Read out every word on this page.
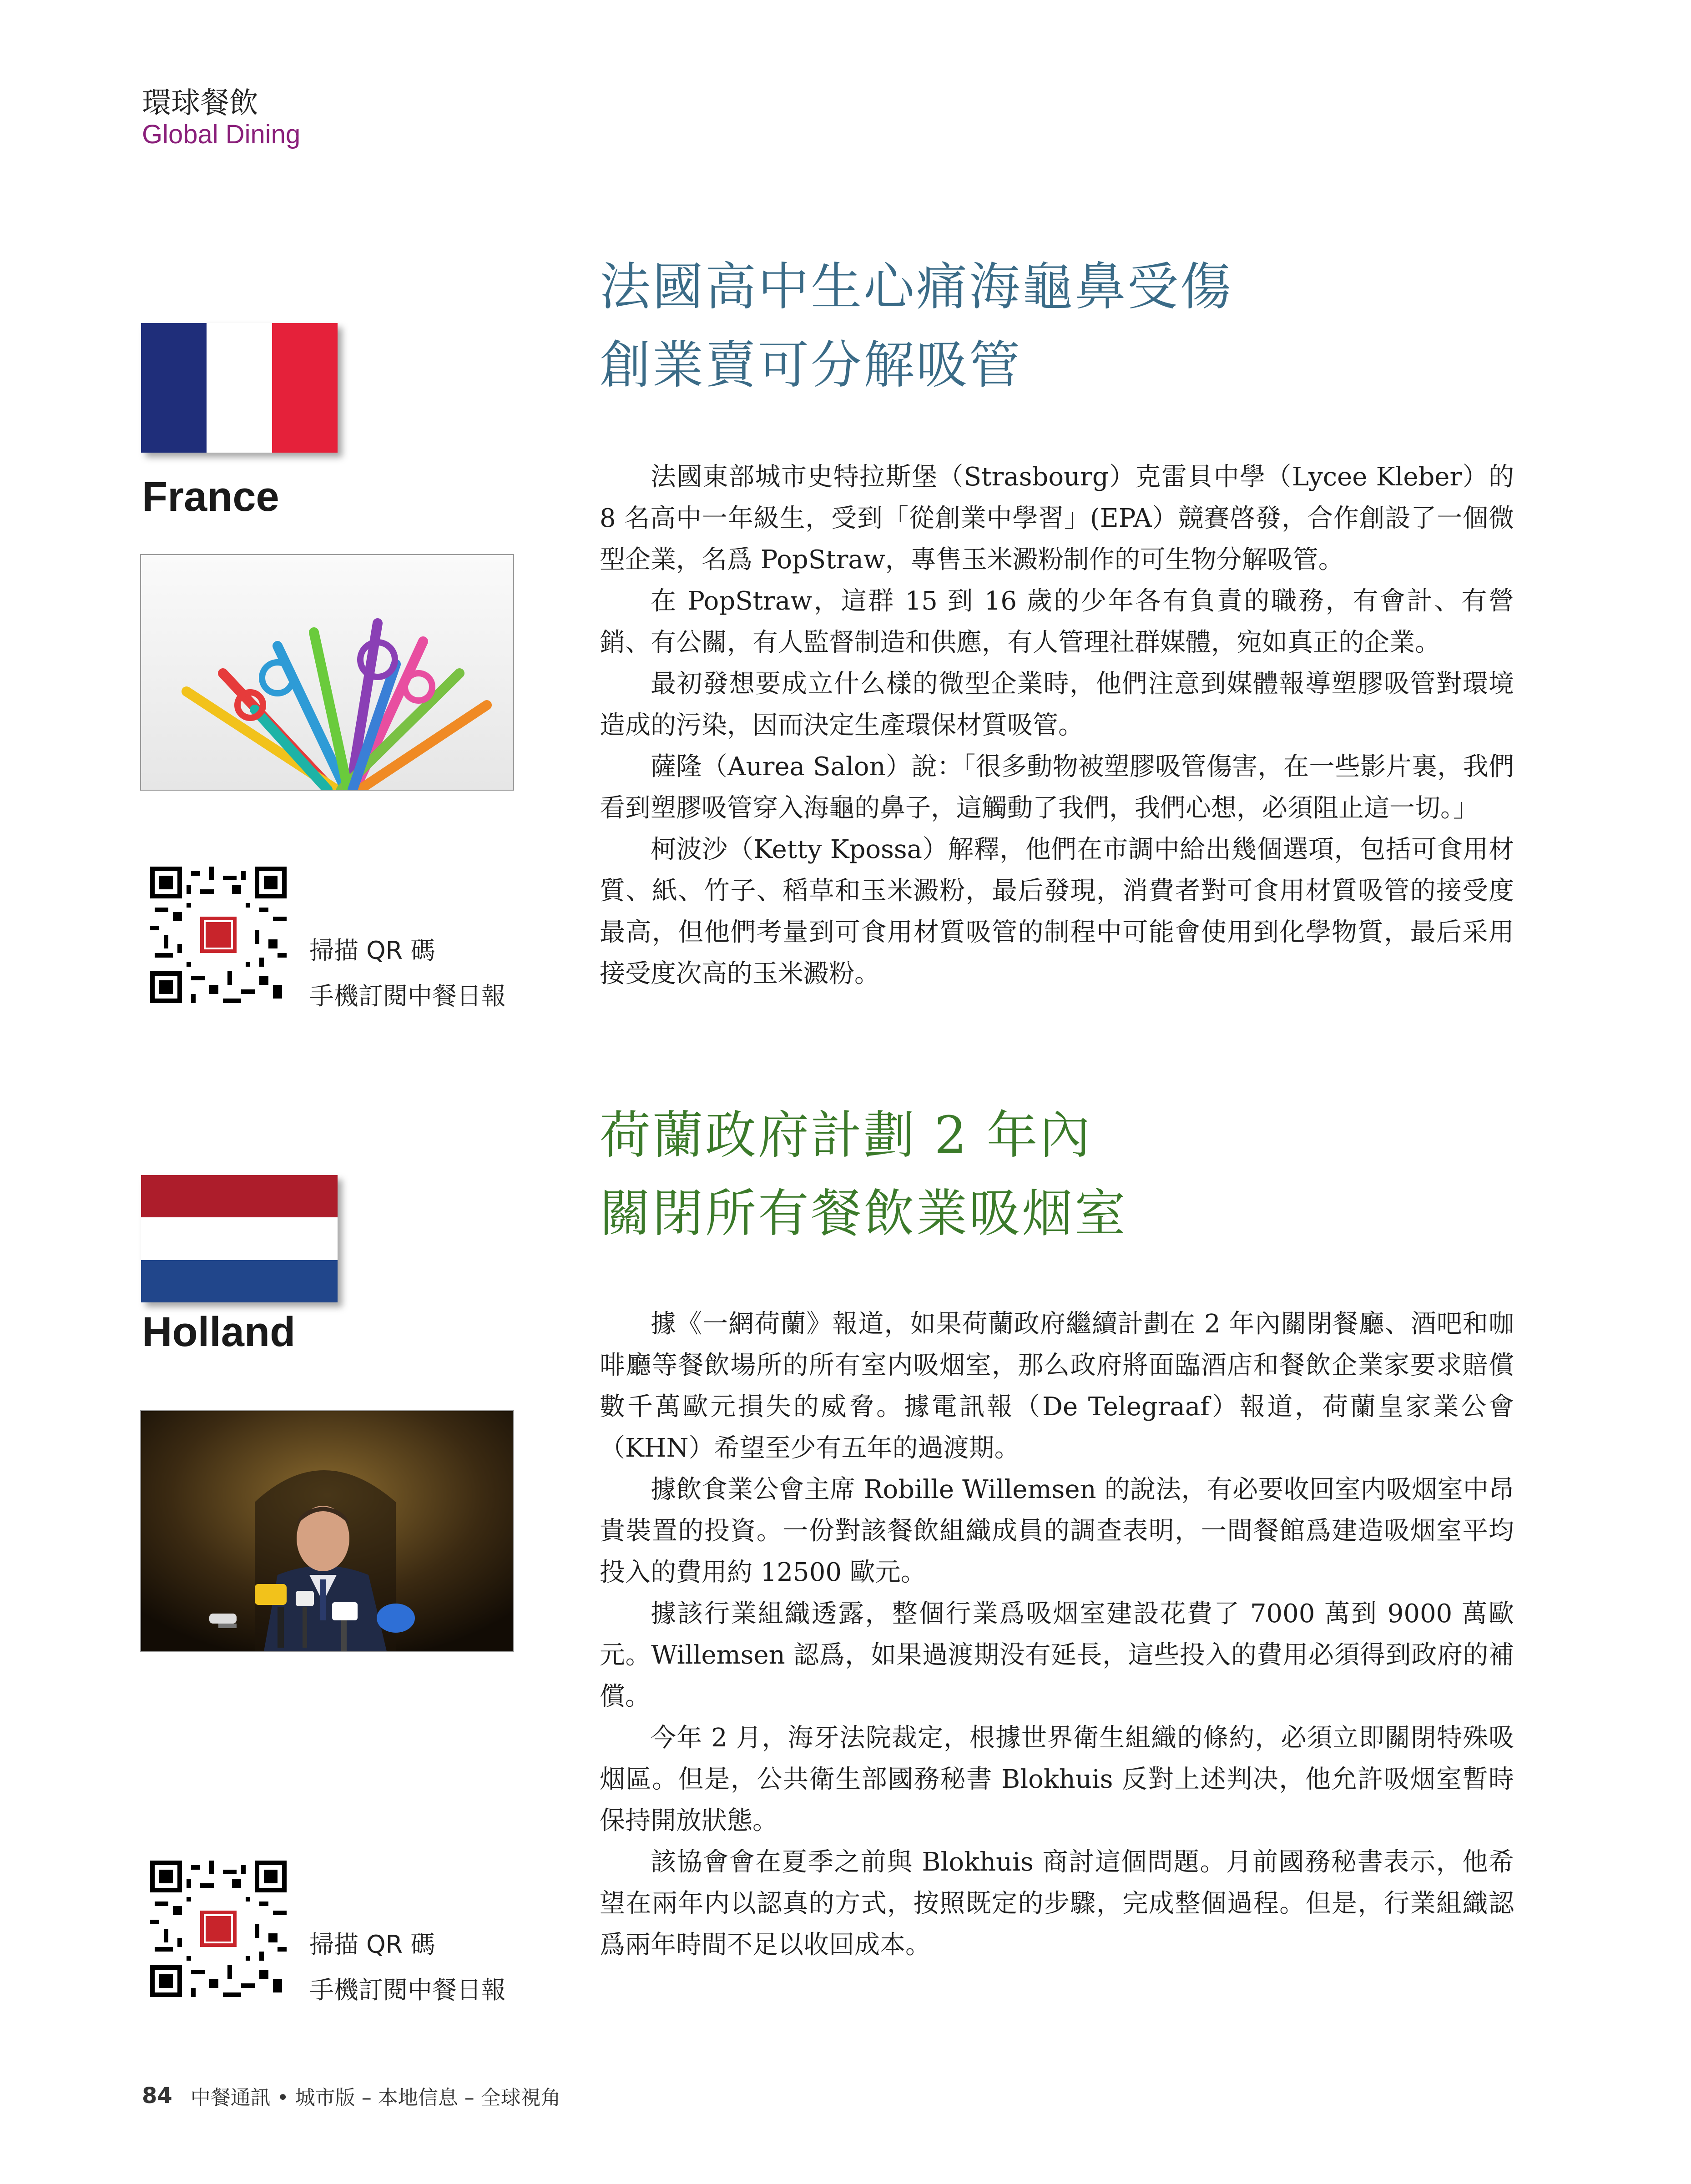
環球餐飲
Global Dining
France
掃描 QR 碼
手機訂閱中餐日報
法國高中生心痛海龜鼻受傷
創業賣可分解吸管

法國東部城市史特拉斯堡（Strasbourg）克雷貝中學（Lycee Kleber）的 8 名高中一年級生，受到「從創業中學習」(EPA）競賽啓發，合作創設了一個微型企業，名爲 PopStraw，專售玉米澱粉制作的可生物分解吸管。

在 PopStraw，這群 15 到 16 歲的少年各有負責的職務，有會計、有營銷、有公關，有人監督制造和供應，有人管理社群媒體，宛如真正的企業。

最初發想要成立什么樣的微型企業時，他們注意到媒體報導塑膠吸管對環境造成的污染，因而決定生產環保材質吸管。

薩隆（Aurea Salon）說：「很多動物被塑膠吸管傷害，在一些影片裏，我們看到塑膠吸管穿入海龜的鼻子，這觸動了我們，我們心想，必須阻止這一切。」

柯波沙（Ketty Kpossa）解釋，他們在市調中給出幾個選項，包括可食用材質、紙、竹子、稻草和玉米澱粉，最后發現，消費者對可食用材質吸管的接受度最高，但他們考量到可食用材質吸管的制程中可能會使用到化學物質，最后采用接受度次高的玉米澱粉。

Holland
掃描 QR 碼
手機訂閱中餐日報
荷蘭政府計劃 2 年內
關閉所有餐飲業吸烟室

據《一網荷蘭》報道，如果荷蘭政府繼續計劃在 2 年內關閉餐廳、酒吧和咖啡廳等餐飲場所的所有室内吸烟室，那么政府將面臨酒店和餐飲企業家要求賠償數千萬歐元損失的威脅。據電訊報（De Telegraaf）報道，荷蘭皇家業公會（KHN）希望至少有五年的過渡期。

據飲食業公會主席 Robille Willemsen 的說法，有必要收回室内吸烟室中昂貴裝置的投資。一份對該餐飲組織成員的調查表明，一間餐館爲建造吸烟室平均投入的費用約 12500 歐元。

據該行業組織透露，整個行業爲吸烟室建設花費了 7000 萬到 9000 萬歐元。Willemsen 認爲，如果過渡期没有延長，這些投入的費用必須得到政府的補償。

今年 2 月，海牙法院裁定，根據世界衛生組織的條約，必須立即關閉特殊吸烟區。但是，公共衛生部國務秘書 Blokhuis 反對上述判决，他允許吸烟室暫時保持開放狀態。

該協會會在夏季之前與 Blokhuis 商討這個問題。月前國務秘書表示，他希望在兩年内以認真的方式，按照既定的步驟，完成整個過程。但是，行業組織認爲兩年時間不足以收回成本。

84 中餐通訊 • 城市版 – 本地信息 – 全球視角
